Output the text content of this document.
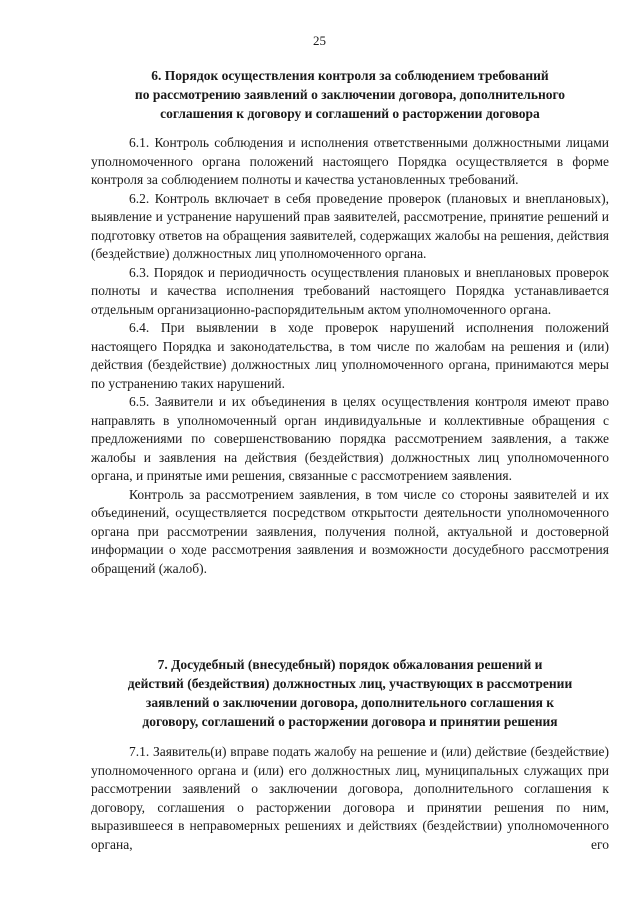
25

6. Порядок осуществления контроля за соблюдением требований
по рассмотрению заявлений о заключении договора, дополнительного
соглашения к договору и соглашений о расторжении договора

6.1. Контроль соблюдения и исполнения ответственными должностными лицами уполномоченного органа положений настоящего Порядка осуществляется в форме контроля за соблюдением полноты и качества установленных требований.

6.2. Контроль включает в себя проведение проверок (плановых и внеплановых), выявление и устранение нарушений прав заявителей, рассмотрение, принятие решений и подготовку ответов на обращения заявителей, содержащих жалобы на решения, действия (бездействие) должностных лиц уполномоченного органа.

6.3. Порядок и периодичность осуществления плановых и внеплановых проверок полноты и качества исполнения требований настоящего Порядка устанавливается отдельным организационно-распорядительным актом уполномоченного органа.

6.4. При выявлении в ходе проверок нарушений исполнения положений настоящего Порядка и законодательства, в том числе по жалобам на решения и (или) действия (бездействие) должностных лиц уполномоченного органа, принимаются меры по устранению таких нарушений.

6.5. Заявители и их объединения в целях осуществления контроля имеют право направлять в уполномоченный орган индивидуальные и коллективные обращения с предложениями по совершенствованию порядка рассмотрением заявления, а также жалобы и заявления на действия (бездействия) должностных лиц уполномоченного органа, и принятые ими решения, связанные с рассмотрением заявления.

Контроль за рассмотрением заявления, в том числе со стороны заявителей и их объединений, осуществляется посредством открытости деятельности уполномоченного органа при рассмотрении заявления, получения полной, актуальной и достоверной информации о ходе рассмотрения заявления и возможности досудебного рассмотрения обращений (жалоб).

7. Досудебный (внесудебный) порядок обжалования решений и
действий (бездействия) должностных лиц, участвующих в рассмотрении
заявлений о заключении договора, дополнительного соглашения к
договору, соглашений о расторжении договора и принятии решения

7.1. Заявитель(и) вправе подать жалобу на решение и (или) действие (бездействие) уполномоченного органа и (или) его должностных лиц, муниципальных служащих при рассмотрении заявлений о заключении договора, дополнительного соглашения к договору, соглашения о расторжении договора и принятии решения по ним, выразившееся в неправомерных решениях и действиях (бездействии) уполномоченного органа, его
